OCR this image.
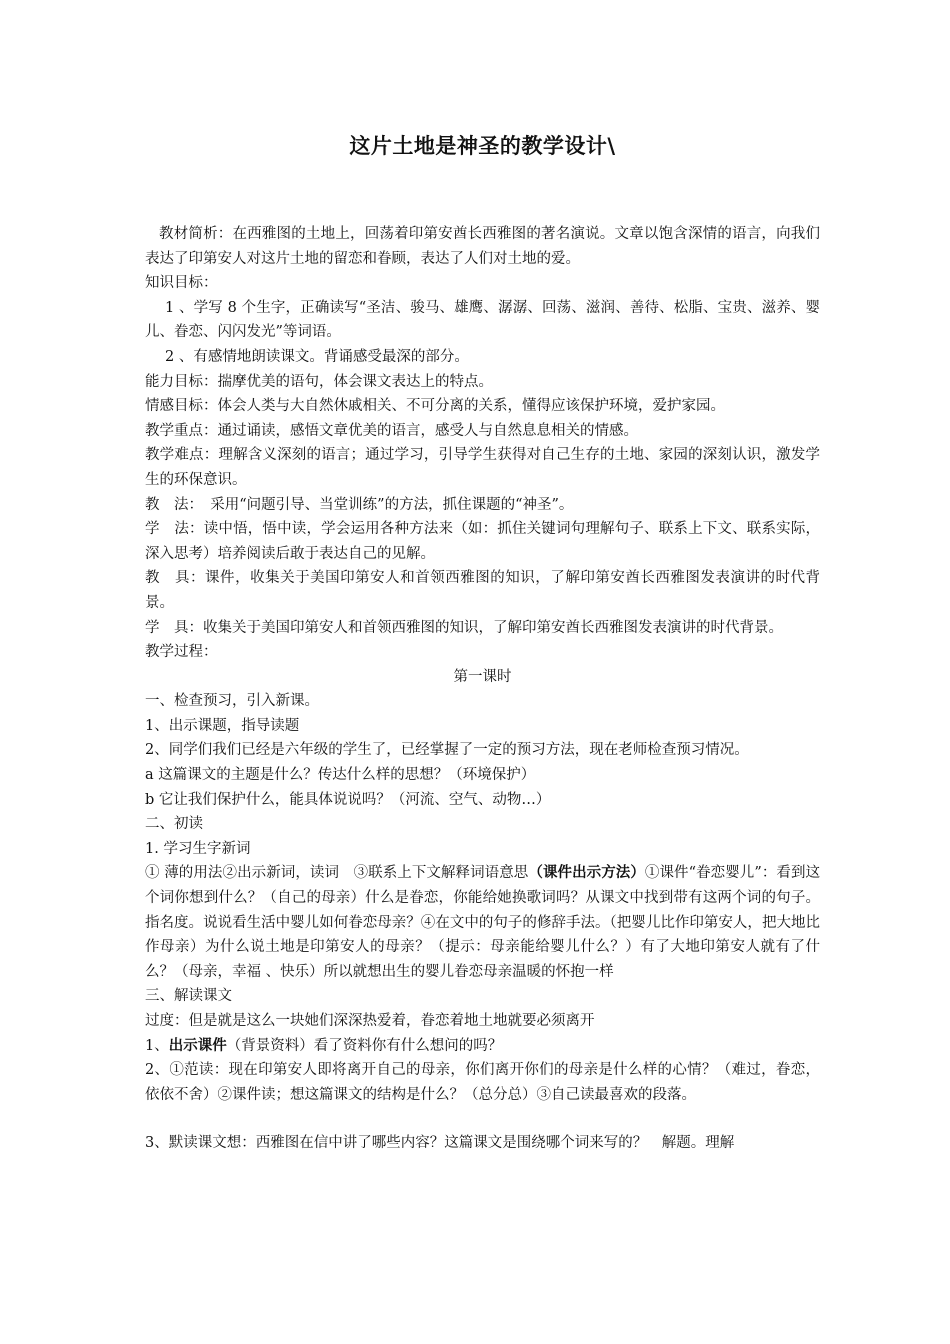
这片土地是神圣的教学设计\

教材简析：在西雅图的土地上，回荡着印第安酋长西雅图的著名演说。文章以饱含深情的语言，向我们表达了印第安人对这片土地的留恋和眷顾，表达了人们对土地的爱。

知识目标：

1 、学写 8 个生字，正确读写“圣洁、骏马、雄鹰、潺潺、回荡、滋润、善待、松脂、宝贵、滋养、婴儿、眷恋、闪闪发光”等词语。

2 、有感情地朗读课文。背诵感受最深的部分。

能力目标：揣摩优美的语句，体会课文表达上的特点。

情感目标：体会人类与大自然休戚相关、不可分离的关系，懂得应该保护环境，爱护家园。

教学重点：通过诵读，感悟文章优美的语言，感受人与自然息息相关的情感。

教学难点：理解含义深刻的语言；通过学习，引导学生获得对自己生存的土地、家园的深刻认识，激发学生的环保意识。

教　法：　采用“问题引导、当堂训练”的方法，抓住课题的“神圣”。

学　法：读中悟，悟中读，学会运用各种方法来（如：抓住关键词句理解句子、联系上下文、联系实际，深入思考）培养阅读后敢于表达自己的见解。

教　具：课件，收集关于美国印第安人和首领西雅图的知识，了解印第安酋长西雅图发表演讲的时代背景。

学　具：收集关于美国印第安人和首领西雅图的知识，了解印第安酋长西雅图发表演讲的时代背景。

教学过程：

第一课时

一、检查预习，引入新课。

1、出示课题，指导读题

2、同学们我们已经是六年级的学生了，已经掌握了一定的预习方法，现在老师检查预习情况。

a 这篇课文的主题是什么？传达什么样的思想？（环境保护）

b 它让我们保护什么，能具体说说吗？（河流、空气、动物…）

二、初读

1. 学习生字新词

① 薄的用法②出示新词，读词　③联系上下文解释词语意思（课件出示方法）①课件“眷恋婴儿”：看到这个词你想到什么？（自己的母亲）什么是眷恋，你能给她换歌词吗？从课文中找到带有这两个词的句子。指名度。说说看生活中婴儿如何眷恋母亲？④在文中的句子的修辞手法。（把婴儿比作印第安人，把大地比作母亲）为什么说土地是印第安人的母亲？（提示：母亲能给婴儿什么？）有了大地印第安人就有了什么？（母亲，幸福 、快乐）所以就想出生的婴儿眷恋母亲温暖的怀抱一样

三、解读课文

过度：但是就是这么一块她们深深热爱着，眷恋着地土地就要必须离开

1、出示课件（背景资料）看了资料你有什么想问的吗？

2、①范读：现在印第安人即将离开自己的母亲，你们离开你们的母亲是什么样的心情？（难过，眷恋，依依不舍）②课件读；想这篇课文的结构是什么？（总分总）③自己读最喜欢的段落。

3、默读课文想：西雅图在信中讲了哪些内容？这篇课文是围绕哪个词来写的？　解题。理解
